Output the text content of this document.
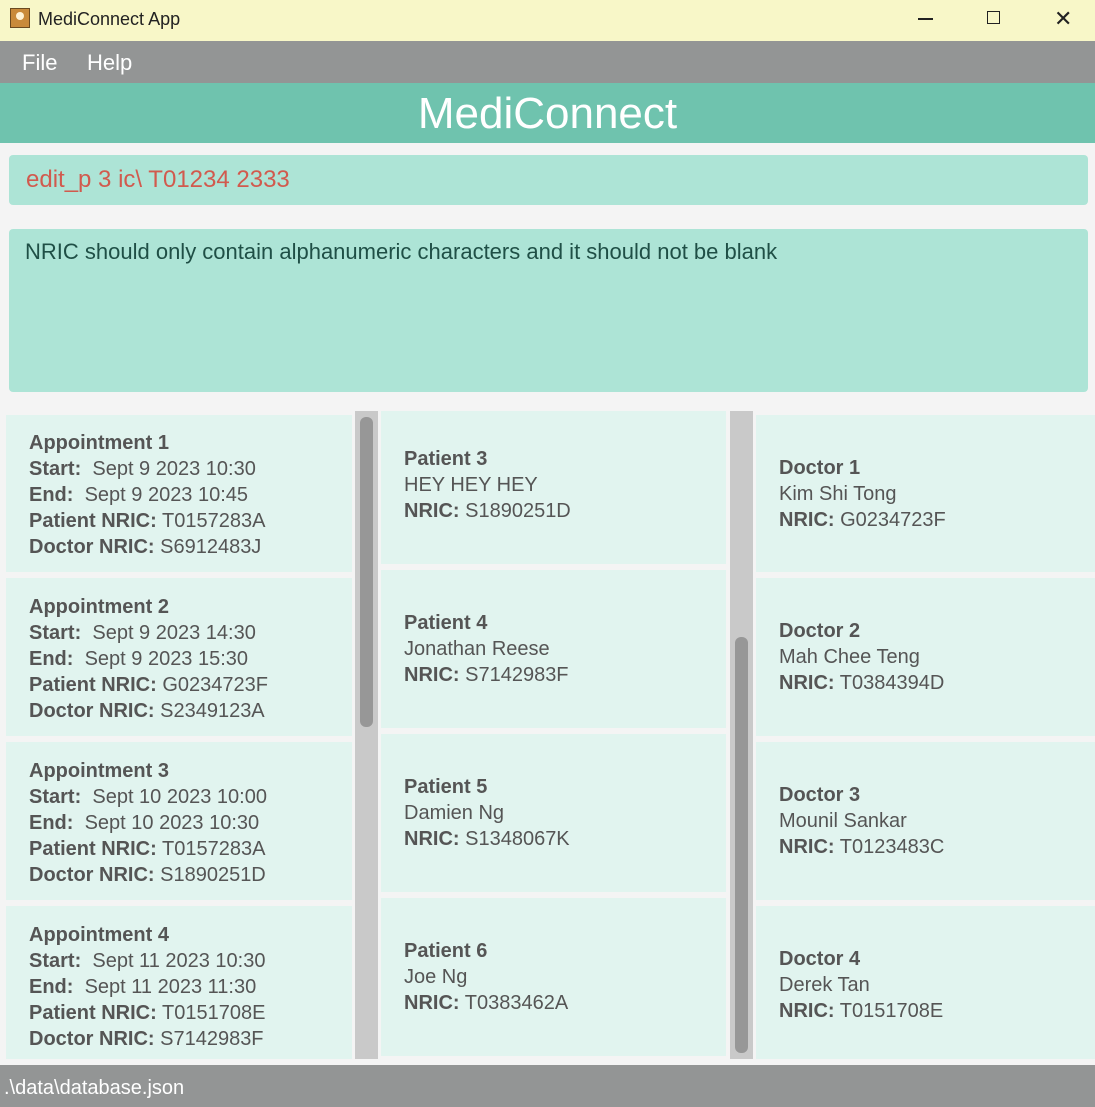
MediConnect App	✕
File Help
MediConnect
edit_p 3 ic\ T01234 2333
NRIC should only contain alphanumeric characters and it should not be blank
Appointment 1
Start: Sept 9 2023 10:30
End: Sept 9 2023 10:45
Patient NRIC: T0157283A
Doctor NRIC: S6912483J
Appointment 2
Start: Sept 9 2023 14:30
End: Sept 9 2023 15:30
Patient NRIC: G0234723F
Doctor NRIC: S2349123A
Appointment 3
Start: Sept 10 2023 10:00
End: Sept 10 2023 10:30
Patient NRIC: T0157283A
Doctor NRIC: S1890251D
Appointment 4
Start: Sept 11 2023 10:30
End: Sept 11 2023 11:30
Patient NRIC: T0151708E
Doctor NRIC: S7142983F
Patient 3
HEY HEY HEY
NRIC: S1890251D
Patient 4
Jonathan Reese
NRIC: S7142983F
Patient 5
Damien Ng
NRIC: S1348067K
Patient 6
Joe Ng
NRIC: T0383462A
Doctor 1
Kim Shi Tong
NRIC: G0234723F
Doctor 2
Mah Chee Teng
NRIC: T0384394D
Doctor 3
Mounil Sankar
NRIC: T0123483C
Doctor 4
Derek Tan
NRIC: T0151708E
.\data\database.json
